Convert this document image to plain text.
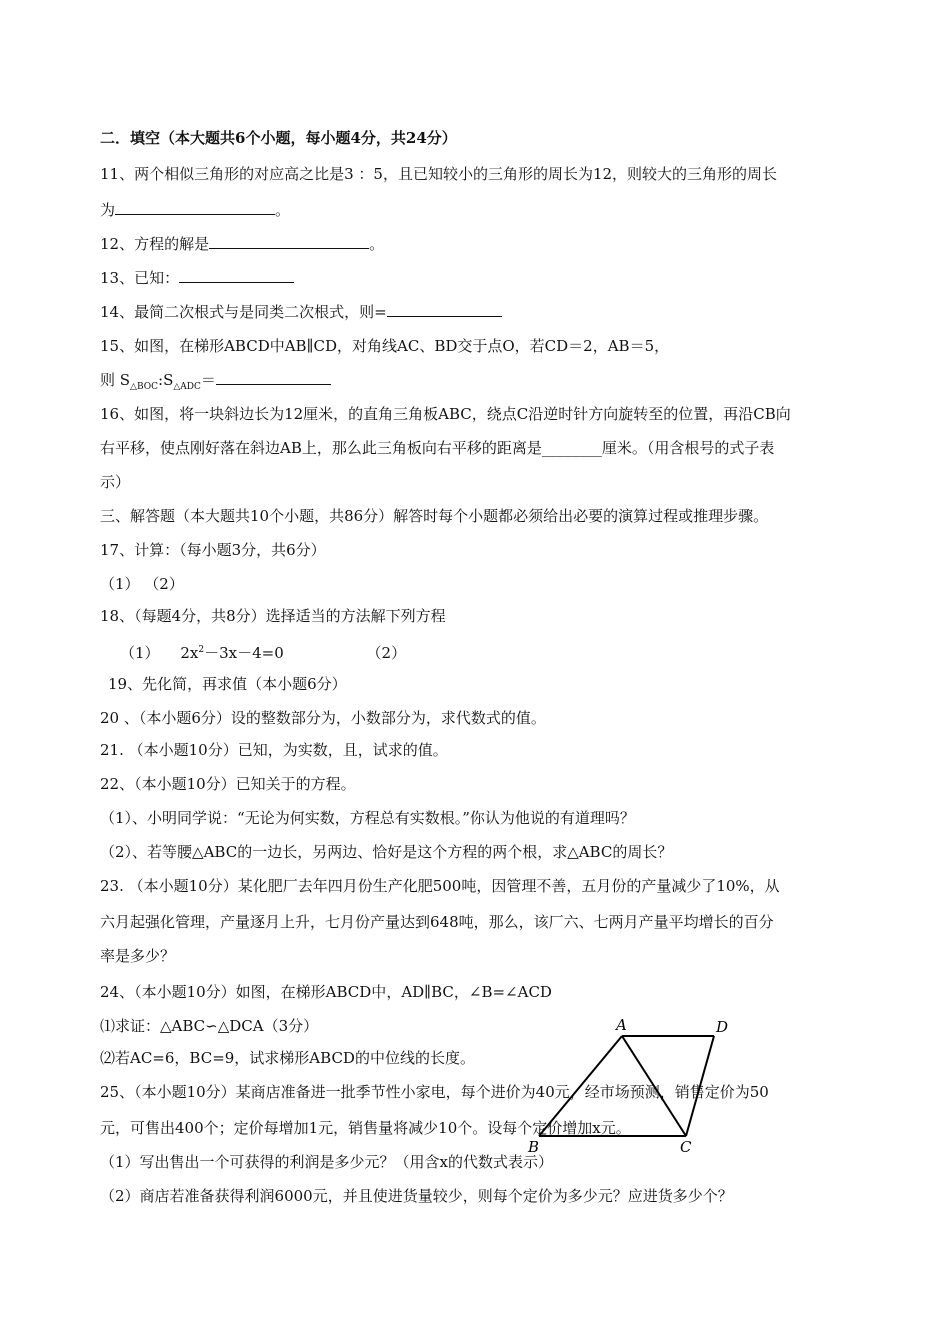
二．填空（本大题共6个小题，每小题4分，共24分）
11、两个相似三角形的对应高之比是3 ：5，且已知较小的三角形的周长为12，则较大的三角形的周长
为	。
12、方程的解是	。
13、已知：
14、最简二次根式与是同类二次根式，则=
15、如图，在梯形ABCD中AB∥CD，对角线AC、BD交于点O，若CD＝2，AB＝5，
则 $S_{\triangle BOC}:S_{\triangle ADC}=$
16、如图，将一块斜边长为12厘米，的直角三角板ABC，绕点C沿逆时针方向旋转至的位置，再沿CB向
右平移，使点刚好落在斜边AB上，那么此三角板向右平移的距离是________厘米。（用含根号的式子表
示）
三、解答题（本大题共10个小题，共86分）解答时每个小题都必须给出必要的演算过程或推理步骤。
17、计算：（每小题3分，共6分）
（1） （2）
18、（每题4分，共8分）选择适当的方法解下列方程
（1） $2x^2-3x-4=0$	（2）
19、先化简，再求值（本小题6分）
20 、（本小题6分）设的整数部分为，小数部分为，求代数式的值。
21. （本小题10分）已知，为实数，且，试求的值。
22、（本小题10分）已知关于的方程。
（1）、小明同学说：“无论为何实数，方程总有实数根。”你认为他说的有道理吗？
（2）、若等腰△ABC的一边长，另两边、恰好是这个方程的两个根，求△ABC的周长？
23. （本小题10分）某化肥厂去年四月份生产化肥500吨，因管理不善，五月份的产量减少了10%，从
六月起强化管理，产量逐月上升，七月份产量达到648吨，那么，该厂六、七两月产量平均增长的百分
率是多少？
24、（本小题10分）如图，在梯形ABCD中，AD∥BC，∠B=∠ACD
⑴求证：△ABC∽△DCA（3分）
⑵若AC=6，BC=9，试求梯形ABCD的中位线的长度。
25、（本小题10分）某商店准备进一批季节性小家电，每个进价为40元，经市场预测，销售定价为50
元，可售出400个；定价每增加1元，销售量将减少10个。设每个定价增加x元。
（1）写出售出一个可获得的利润是多少元？（用含x的代数式表示）
（2）商店若准备获得利润6000元，并且使进货量较少，则每个定价为多少元？应进货多少个？
A	D
B	C
